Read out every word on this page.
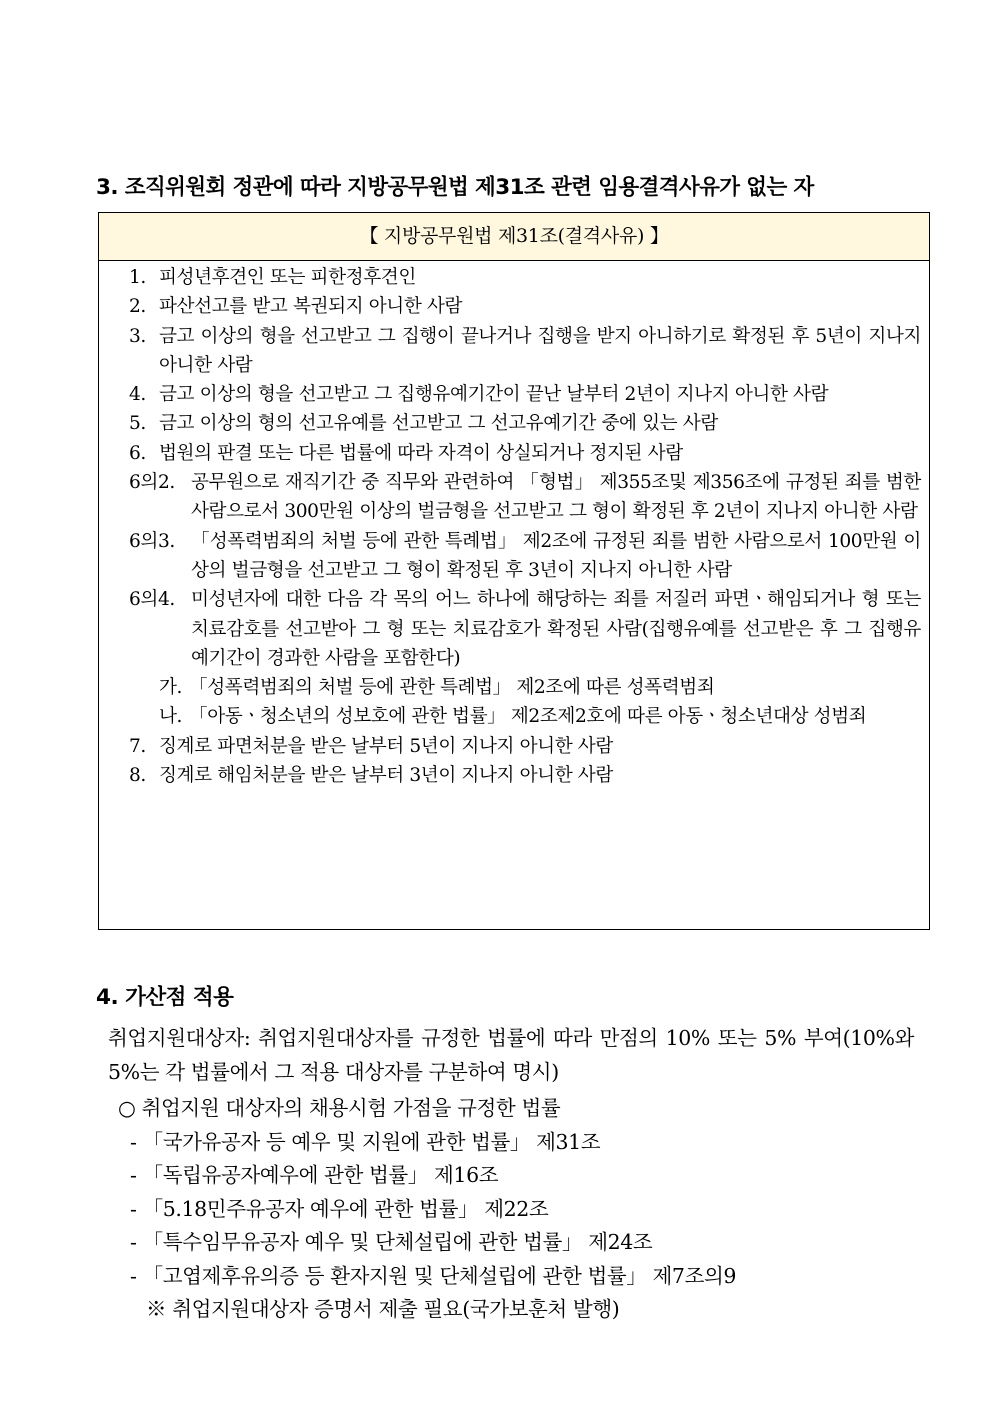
3. 조직위원회 정관에 따라 지방공무원법 제31조 관련 임용결격사유가 없는 자
【 지방공무원법 제31조(결격사유) 】
1. 피성년후견인 또는 피한정후견인
2. 파산선고를 받고 복권되지 아니한 사람
3. 금고 이상의 형을 선고받고 그 집행이 끝나거나 집행을 받지 아니하기로 확정된 후 5년이 지나지 아니한 사람
4. 금고 이상의 형을 선고받고 그 집행유예기간이 끝난 날부터 2년이 지나지 아니한 사람
5. 금고 이상의 형의 선고유예를 선고받고 그 선고유예기간 중에 있는 사람
6. 법원의 판결 또는 다른 법률에 따라 자격이 상실되거나 정지된 사람
6의2. 공무원으로 재직기간 중 직무와 관련하여 「형법」 제355조및 제356조에 규정된 죄를 범한 사람으로서 300만원 이상의 벌금형을 선고받고 그 형이 확정된 후 2년이 지나지 아니한 사람
6의3. 「성폭력범죄의 처벌 등에 관한 특례법」 제2조에 규정된 죄를 범한 사람으로서 100만원 이상의 벌금형을 선고받고 그 형이 확정된 후 3년이 지나지 아니한 사람
6의4. 미성년자에 대한 다음 각 목의 어느 하나에 해당하는 죄를 저질러 파면ㆍ해임되거나 형 또는 치료감호를 선고받아 그 형 또는 치료감호가 확정된 사람(집행유예를 선고받은 후 그 집행유예기간이 경과한 사람을 포함한다)
가. 「성폭력범죄의 처벌 등에 관한 특례법」 제2조에 따른 성폭력범죄
나. 「아동ㆍ청소년의 성보호에 관한 법률」 제2조제2호에 따른 아동ㆍ청소년대상 성범죄
7. 징계로 파면처분을 받은 날부터 5년이 지나지 아니한 사람
8. 징계로 해임처분을 받은 날부터 3년이 지나지 아니한 사람
4. 가산점 적용
취업지원대상자: 취업지원대상자를 규정한 법률에 따라 만점의 10% 또는 5% 부여(10%와 5%는 각 법률에서 그 적용 대상자를 구분하여 명시)
○ 취업지원 대상자의 채용시험 가점을 규정한 법률
- 「국가유공자 등 예우 및 지원에 관한 법률」 제31조
- 「독립유공자예우에 관한 법률」 제16조
- 「5.18민주유공자 예우에 관한 법률」 제22조
- 「특수임무유공자 예우 및 단체설립에 관한 법률」 제24조
- 「고엽제후유의증 등 환자지원 및 단체설립에 관한 법률」 제7조의9
※ 취업지원대상자 증명서 제출 필요(국가보훈처 발행)
